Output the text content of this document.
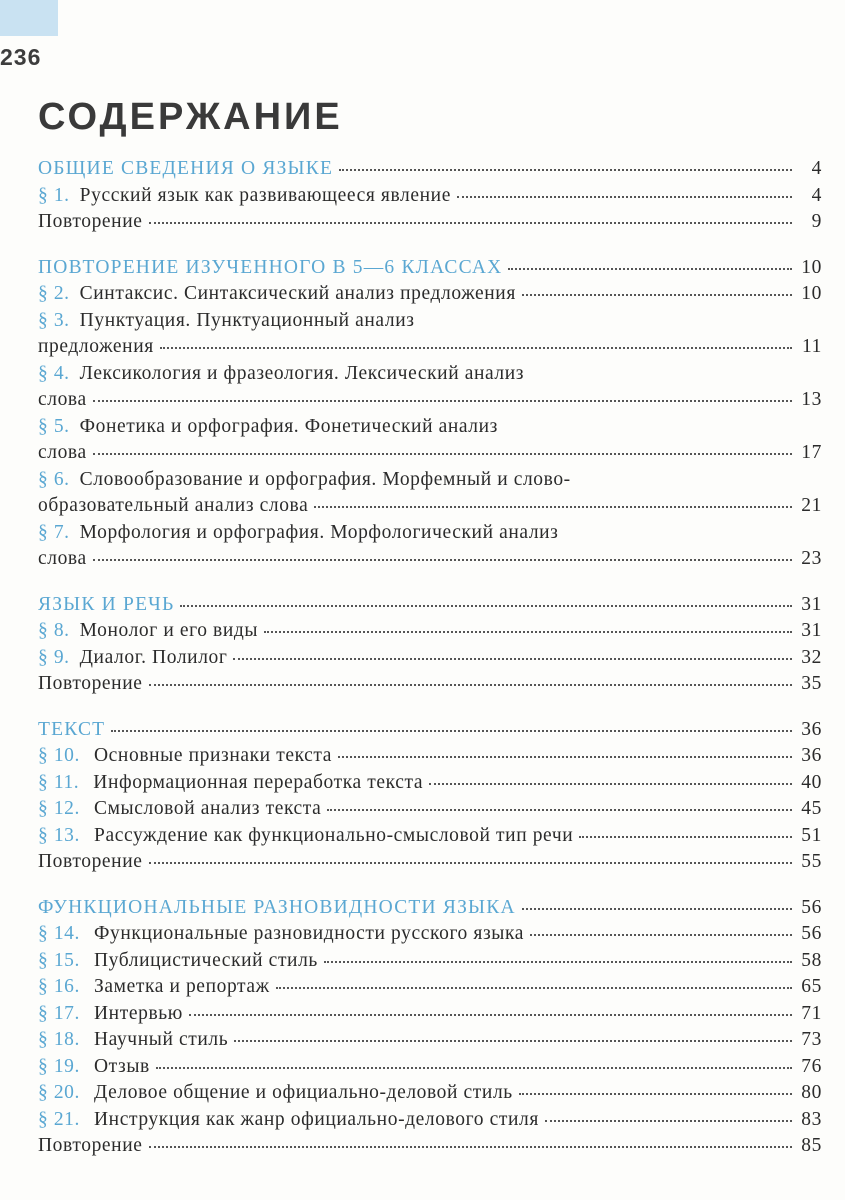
236
СОДЕРЖАНИЕ
ОБЩИЕ СВЕДЕНИЯ О ЯЗЫКЕ	4
§ 1. Русский язык как развивающееся явление	4
Повторение	9
ПОВТОРЕНИЕ ИЗУЧЕННОГО В 5—6 КЛАССАХ	10
§ 2. Синтаксис. Синтаксический анализ предложения	10
§ 3. Пунктуация. Пунктуационный анализ
предложения	11
§ 4. Лексикология и фразеология. Лексический анализ
слова	13
§ 5. Фонетика и орфография. Фонетический анализ
слова	17
§ 6. Словообразование и орфография. Морфемный и слово-
образовательный анализ слова	21
§ 7. Морфология и орфография. Морфологический анализ
слова	23
ЯЗЫК И РЕЧЬ	31
§ 8. Монолог и его виды	31
§ 9. Диалог. Полилог	32
Повторение	35
ТЕКСТ	36
§ 10. Основные признаки текста	36
§ 11. Информационная переработка текста	40
§ 12. Смысловой анализ текста	45
§ 13. Рассуждение как функционально-смысловой тип речи	51
Повторение	55
ФУНКЦИОНАЛЬНЫЕ РАЗНОВИДНОСТИ ЯЗЫКА	56
§ 14. Функциональные разновидности русского языка	56
§ 15. Публицистический стиль	58
§ 16. Заметка и репортаж	65
§ 17. Интервью	71
§ 18. Научный стиль	73
§ 19. Отзыв	76
§ 20. Деловое общение и официально-деловой стиль	80
§ 21. Инструкция как жанр официально-делового стиля	83
Повторение	85
